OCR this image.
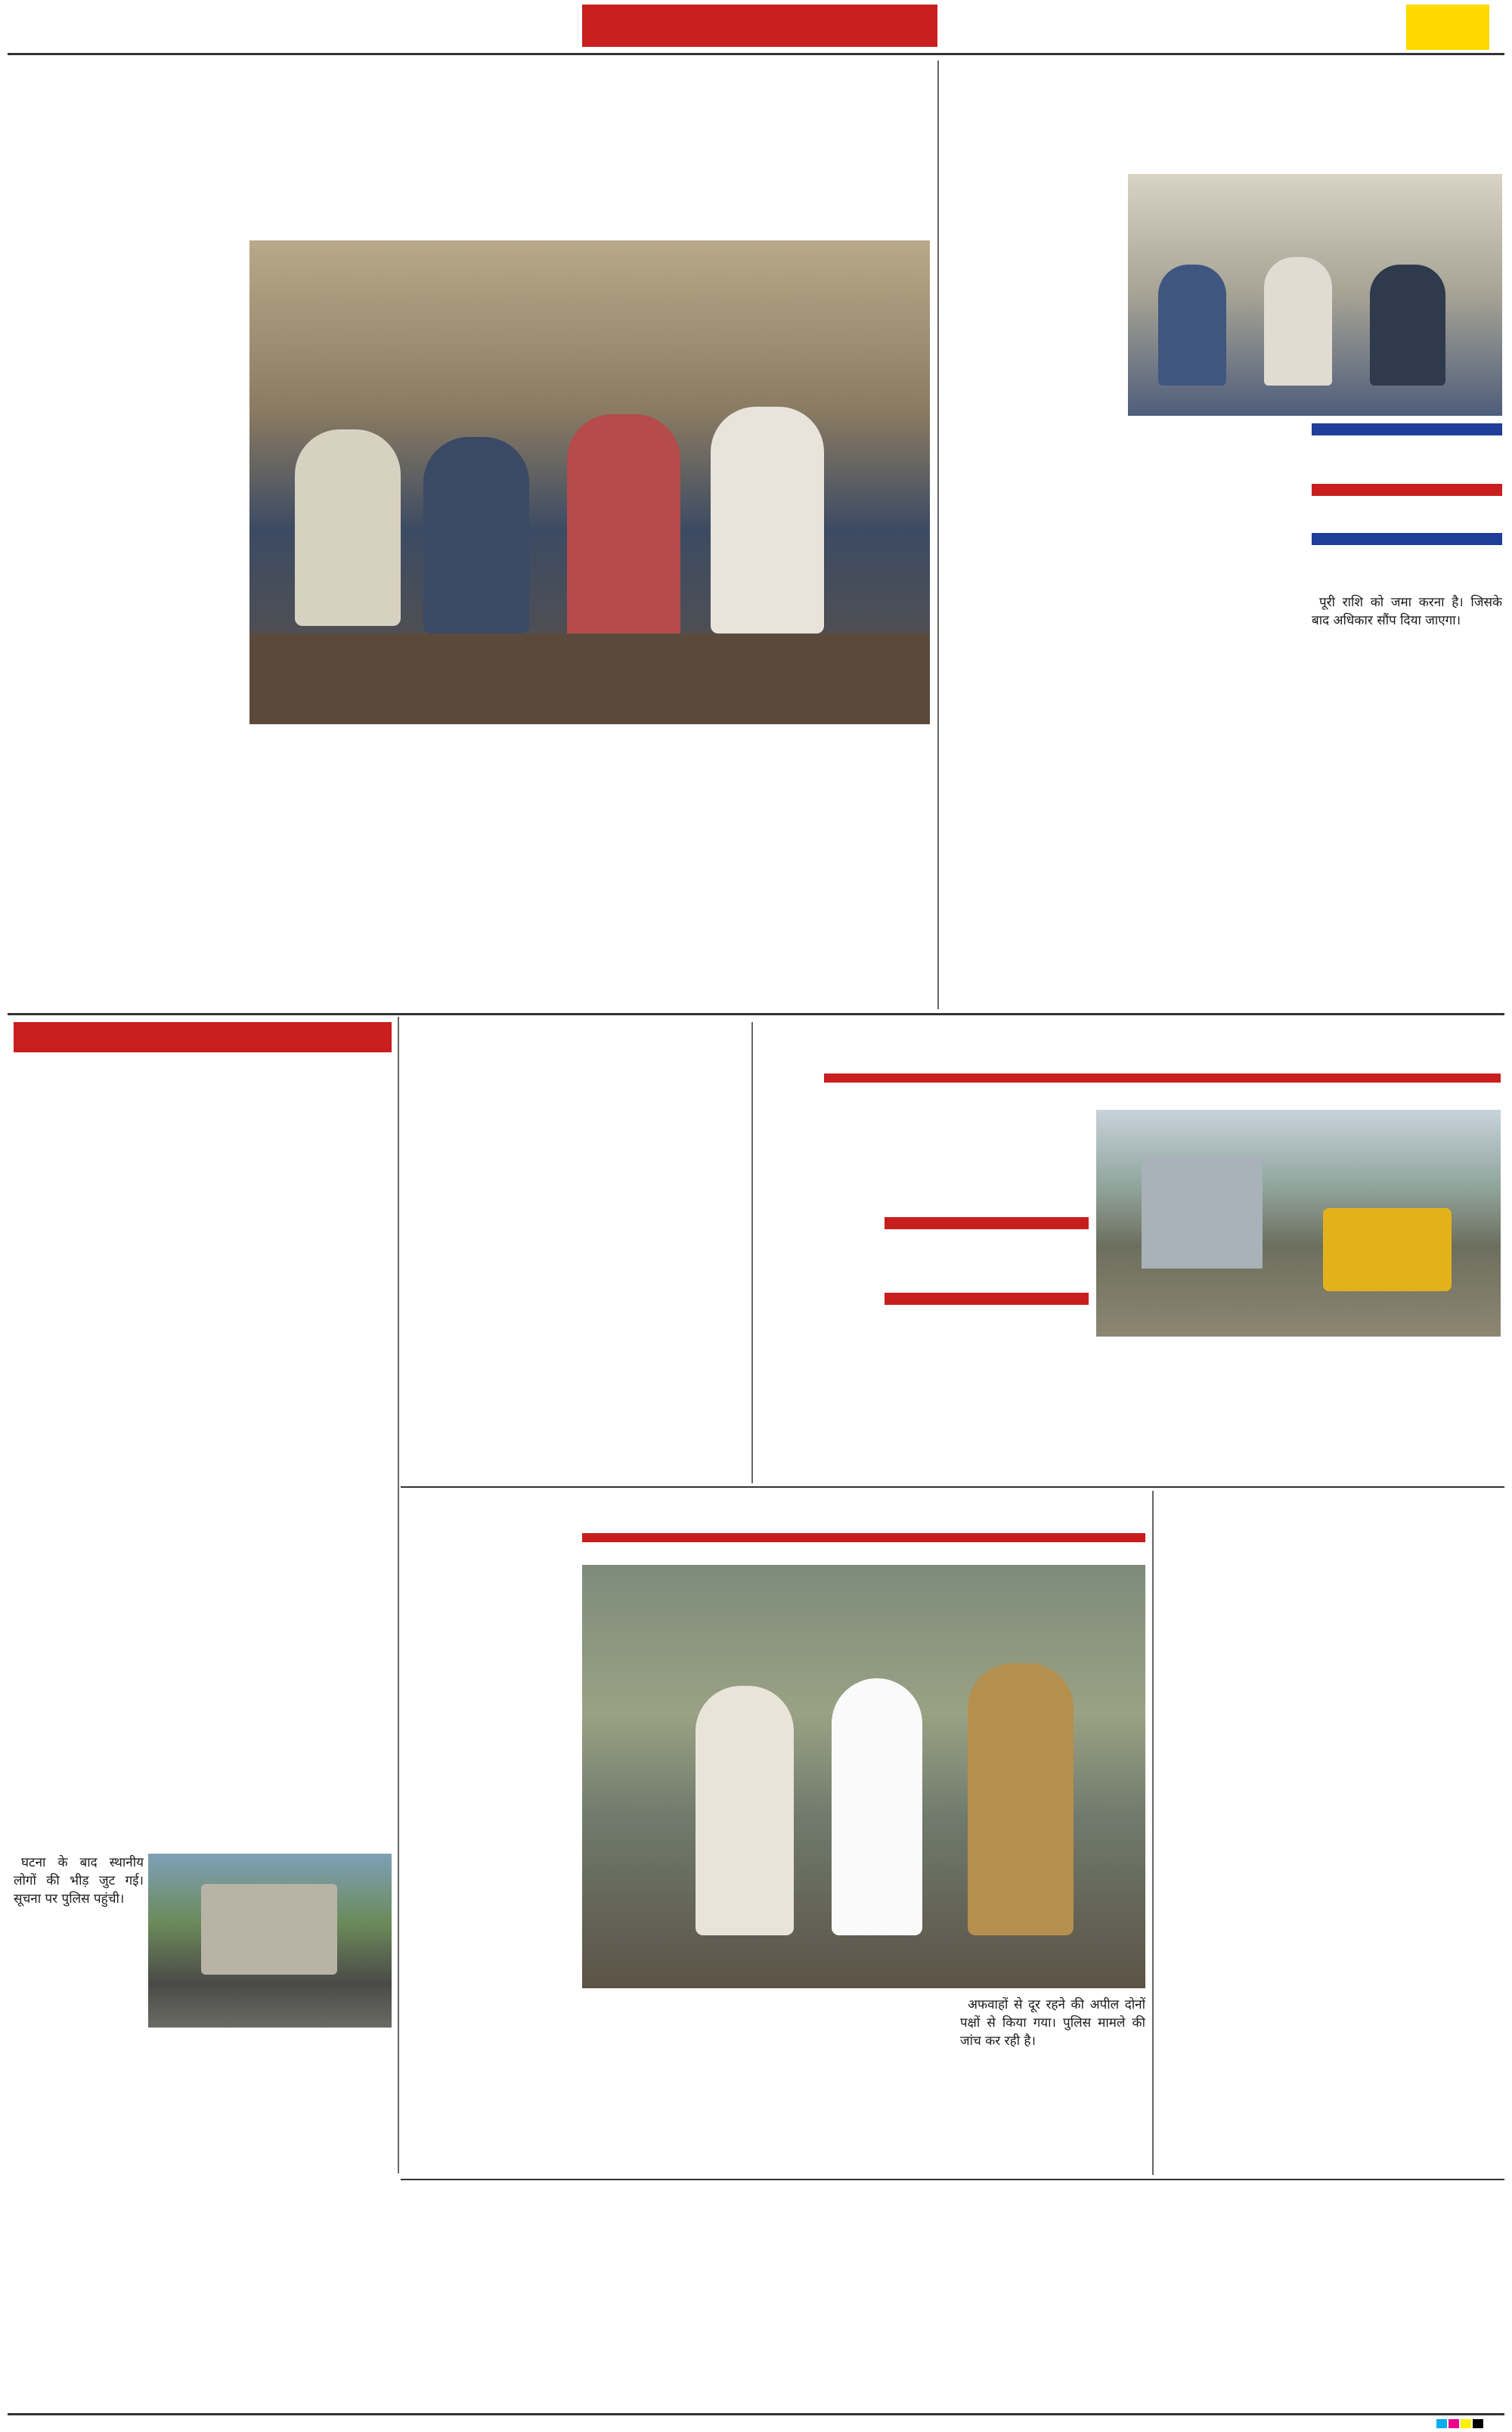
पूरी राशि को जमा करना है। जिसके बाद अधिकार सौंप दिया जाएगा।

घटना के बाद स्थानीय लोगों की भीड़ जुट गई। सूचना पर पुलिस पहुंची।

अफवाहों से दूर रहने की अपील दोनों पक्षों से किया गया। पुलिस मामले की जांच कर रही है।
